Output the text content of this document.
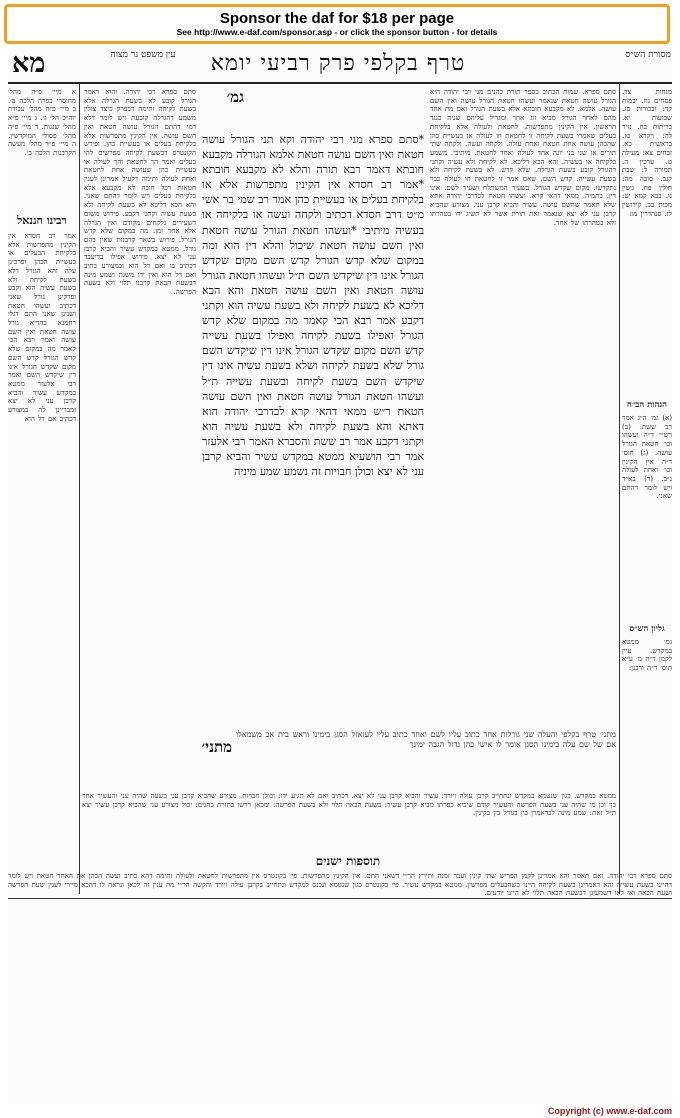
Sponsor the daf for $18 per page
See http://www.e-daf.com/sponsor.asp - or click the sponsor button - for details
מסורת הש״ס
טרף בקלפי פרק רביעי יומא
עין משפט נר מצוה
מא
מנחות צד. פסחים נח. יבמות קד: ובכורות סג. שבועות יא. כריתות כח. נזיר לה: ויקרא טז. בראשית כא. זבחים צא: מעילה ט. ערכין ה. תמורה ל: שבת קנב. סוכה מה: חולין פח. גיטין נו. בבא קמא יט: מכות כב. קידושין לז. סנהדרין מו:
הגהות הב״ח
(א) גמ׳ ה״ג אמר רב ששת. (ב) רש״י ד״ה ועשהו וכו׳ חטאת הגורל עושה. (ג) תוס׳ ד״ה אין הקינין וכו׳ ואחת לעולה נ״ב. (ד) בא״ד ויש לומר דהתם שאני.
גליון הש״ס
גמ׳ ממטא במקדש. עיין לקמן ד״ה מ׳ ע״א תוס׳ ד״ה ורבנן:
סתם ספרא. שמות הכתוב בספר תורת כהנים מני רבי יהודה היא הגורל עושה חטאת שנאמר ועשהו חטאת הגורל עושה ואין השם עושה. אלמא. לא מקבעא חובתא אלא בשעת הגורל ואם מת אחד מהם לאחר הגורל מביא זוג אחר ומגריל עליהם שניה כנגד הראשון. אין הקינין מתפרשות. לחטאת ולעולה אלא בלקיחת בעלים שאמרו בשעת לקיחה זו לחטאת וזו לעולה או בעשיית כהן שהכהן עושה אחת חטאת ואחת עולה. ולקחה ועשה. ולקחה שתי תורים או שני בני יונה אחד לעולה ואחד לחטאת. מיתיבי. משמע בלקיחה או בעשיה. והא הכא דליכא. לא לקיחה ולא עשיה וקתני דהגורל קובע בשעת הגרלה. שלא קדש. לא בשעת לקיחה ולא בשעת עשייה. קדש השם. שאם אמר זו לחטאת וזו לעולה כבר נתקדשו. מקום שקדש הגורל. בשעיר המשתלח ושעיר לשם. אינו דין. בתמיה. ממאי דהאי קרא. ועשהו חטאת לכדרבי יהודה אתא שלא תאמר שהשם עושה. עשיר והביא קרבן עני. מצורע שהביא קרבן עני לא יצא שנאמר זאת תורת אשר לא תשיג ידו בטהרתו ולא בטהרתו של אחר.
*סתם ספרא מני רבי יהודה וקא תני הגורל עושה חטאת ואין השם עושה חטאת אלמא הגורלה מקבעא חובתא דאמר רבא תורה והלא לא מקבעא חובתא *אמר רב חסדא אין הקינין מתפרשות אלא או בלקיחת בעלים או בעשיית כהן אמר רב שמי בר אשי מ״ט דרב חסדא דכתיב ולקחה ועשה או בלקיחה או בעשיה מיתיבי *ועשהו חטאת הגורל עושה חטאת ואין השם עושה חטאת שיכול והלא דין הוא ומה במקום שלא קדש הגורל קדש השם מקום שקדש הגורל אינו דין שיקדש השם ת״ל ועשהו חטאת הגורל עושה חטאת ואין השם עושה חטאת והא הכא דליכא לא בשעת לקיחה ולא בשעת עשיה הוא וקתני דקבע אמר רבא הכי קאמר מה במקום שלא קדש הגורל ואפילו בשעת לקיחה ואפילו בשעת עשייה קדש השם מקום שקדש הגורל אינו דין שיקדש השם גורל שלא בשעת לקיחה ושלא בשעת עשיה אינו דין שיקדש השם בשעת לקיחה ובשעת עשייה ת״ל ועשהו חטאת הגורל עושה חטאת ואין השם עושה חטאת ר״ש ממאי דהאי קרא לכדרבי יהודה הוא דאתא והא בשעת לקיחה ולא בשעת עשיה הוא וקתני דקבע אמר רב ששת והסברא האמר רבי אלעזר אמר רבי הושעיא ממטא במקדש עשיר והביא קרבן עני לא יצא וכולן חבויות זה נשמע שמע מיניה
גמ׳
סתם ספרא רבי יהודה. והוא דאמר הגורל קובע לא בשעת הגרלה אלא בשעת לקיחה ותימה דבפרק כיצד צולין משמע דהגרלה קובעת ויש לומר דלא דמי דהתם הגורל עושה חטאת ואין השם עושה. אין הקינין מתפרשות אלא בלקיחת בעלים או בעשיית כהן. ופירש הקונטרס דבשעת לקיחה מפרשים להו בעלים ואמר הך לחטאת והך לעולה או בעשיית כהן שעושה אחת לחטאת ואחת לעולה ותימה דלעיל אמרינן לענין חטאות דכל חובה לא מקבעא אלא בלקיחת בעלים ויש לומר דהתם שאני. והא הכא דליכא לא בשעת לקיחה ולא בשעת עשיה וקתני דקבע. פירוש משום דשעירים נלקחים מקודם ואין הגרלה אלא אחר זמן. מה במקום שלא קדש הגורל. פירוש בשאר קרבנות שאין בהם גורל. ממטא במקדש עשיר והביא קרבן עני לא יצא. פירוש אפילו בדיעבד דכתיב בו ואם דל הוא ובמצורע כתיב ואם דל הוא ואין ידו משגת ושמע מינה דבשעת הבאת קרבנו תלוי ולא בשעת הפרשה.
א מיי׳ פ״ה מהל׳ מחוסרי כפרה הלכה ב׳. ב מיי׳ פ״ה מהל׳ עבודת יוה״כ הל׳ ג׳. ג מיי׳ פ״א מהל׳ שגגות. ד מיי׳ פ״ה מהל׳ פסולי המוקדשין. ה מיי׳ פ״ד מהל׳ מעשה הקרבנות הלכה ב׳.
רבינו חננאל
אמר רב חסדא אין הקינין מתפרשות אלא בלקיחת הבעלים או בעשיית הכהן ופרכינן עלה והא הגורל דלא בשעת לקיחה ולא בשעת עשיה הוא וקבע ופרקינן גורל שאני דכתיב ועשהו חטאת ושנינן שאני התם דגלי רחמנא בהדיא גורל עושה חטאת ואין השם עושה ואמר רבא הכי קאמר מה במקום שלא קדש הגורל קדש השם מקום שקדש הגורל אינו דין שיקדש השם ואמר רבי אלעזר ממטא במקדש עשיר והביא קרבן עני לא יצא ומבריינן לה במצורע דכתיב אם דל הוא
מתני׳
מתני׳ טרף בקלפי והעלה שני גורלות אחד כתוב עליו לשם ואחד כתוב עליו לעזאזל הסגן בימינו וראש בית אב משמאלו אם של שם עלה בימינו הסגן אומר לו אישי כהן גדול הגבה ימינך
ממטא במקדש. כגון שנטמא במקדש ונתחייב קרבן עולה ויורד: עשיר והביא קרבן עני לא יצא. דכתיב ואם לא תגיע ידו: וכולן חבויות. מצורע שהביא קרבן עני בשעה שהיה עני והעשיר אחר כך וכן מי שהיה עני בשעת הפרשה והעשיר קודם שיביא כפרתו מביא קרבן עשיר: בשעת הבאה תלוי ולא בשעת הפרשה: ומכאן דרשו בתורת כהנים: יכול מצורע עני שהביא קרבן עשיר יצא ת״ל זאת: שמע מינה לכדאמרן בין בגורל בין בקינין.
תוספות ישנים
סתם ספרא רבי יהודה. ואם תאמר והא אמרינן לקמן הפריש שתי קינין ועבר זמנה ותירץ הר״י דשאני התם. אין הקינין מתפרשות. פי׳ בקונטרס אין מתפרשות לחטאת ולעולה ותימה דהא כתיב ועשה הכהן את האחד חטאת ויש לומר דהיינו בשעת עשייה והא דאמרינן בשעת לקיחה היינו כשהבעלים מפרשין. ממטא במקדש עשיר. פי׳ בקונטרס כגון שנטמא ונכנס למקדש ונתחייב בקרבן עולה ויורד והקשה הר״י מה ענין זה לכאן ונראה לו דהכא מיירי לענין שעת הפרשה ושעת הבאה ואי לאו דשמעינן דבשעת הבאה תלוי לא היינו יודעים.
Copyright (c) www.e-daf.com
